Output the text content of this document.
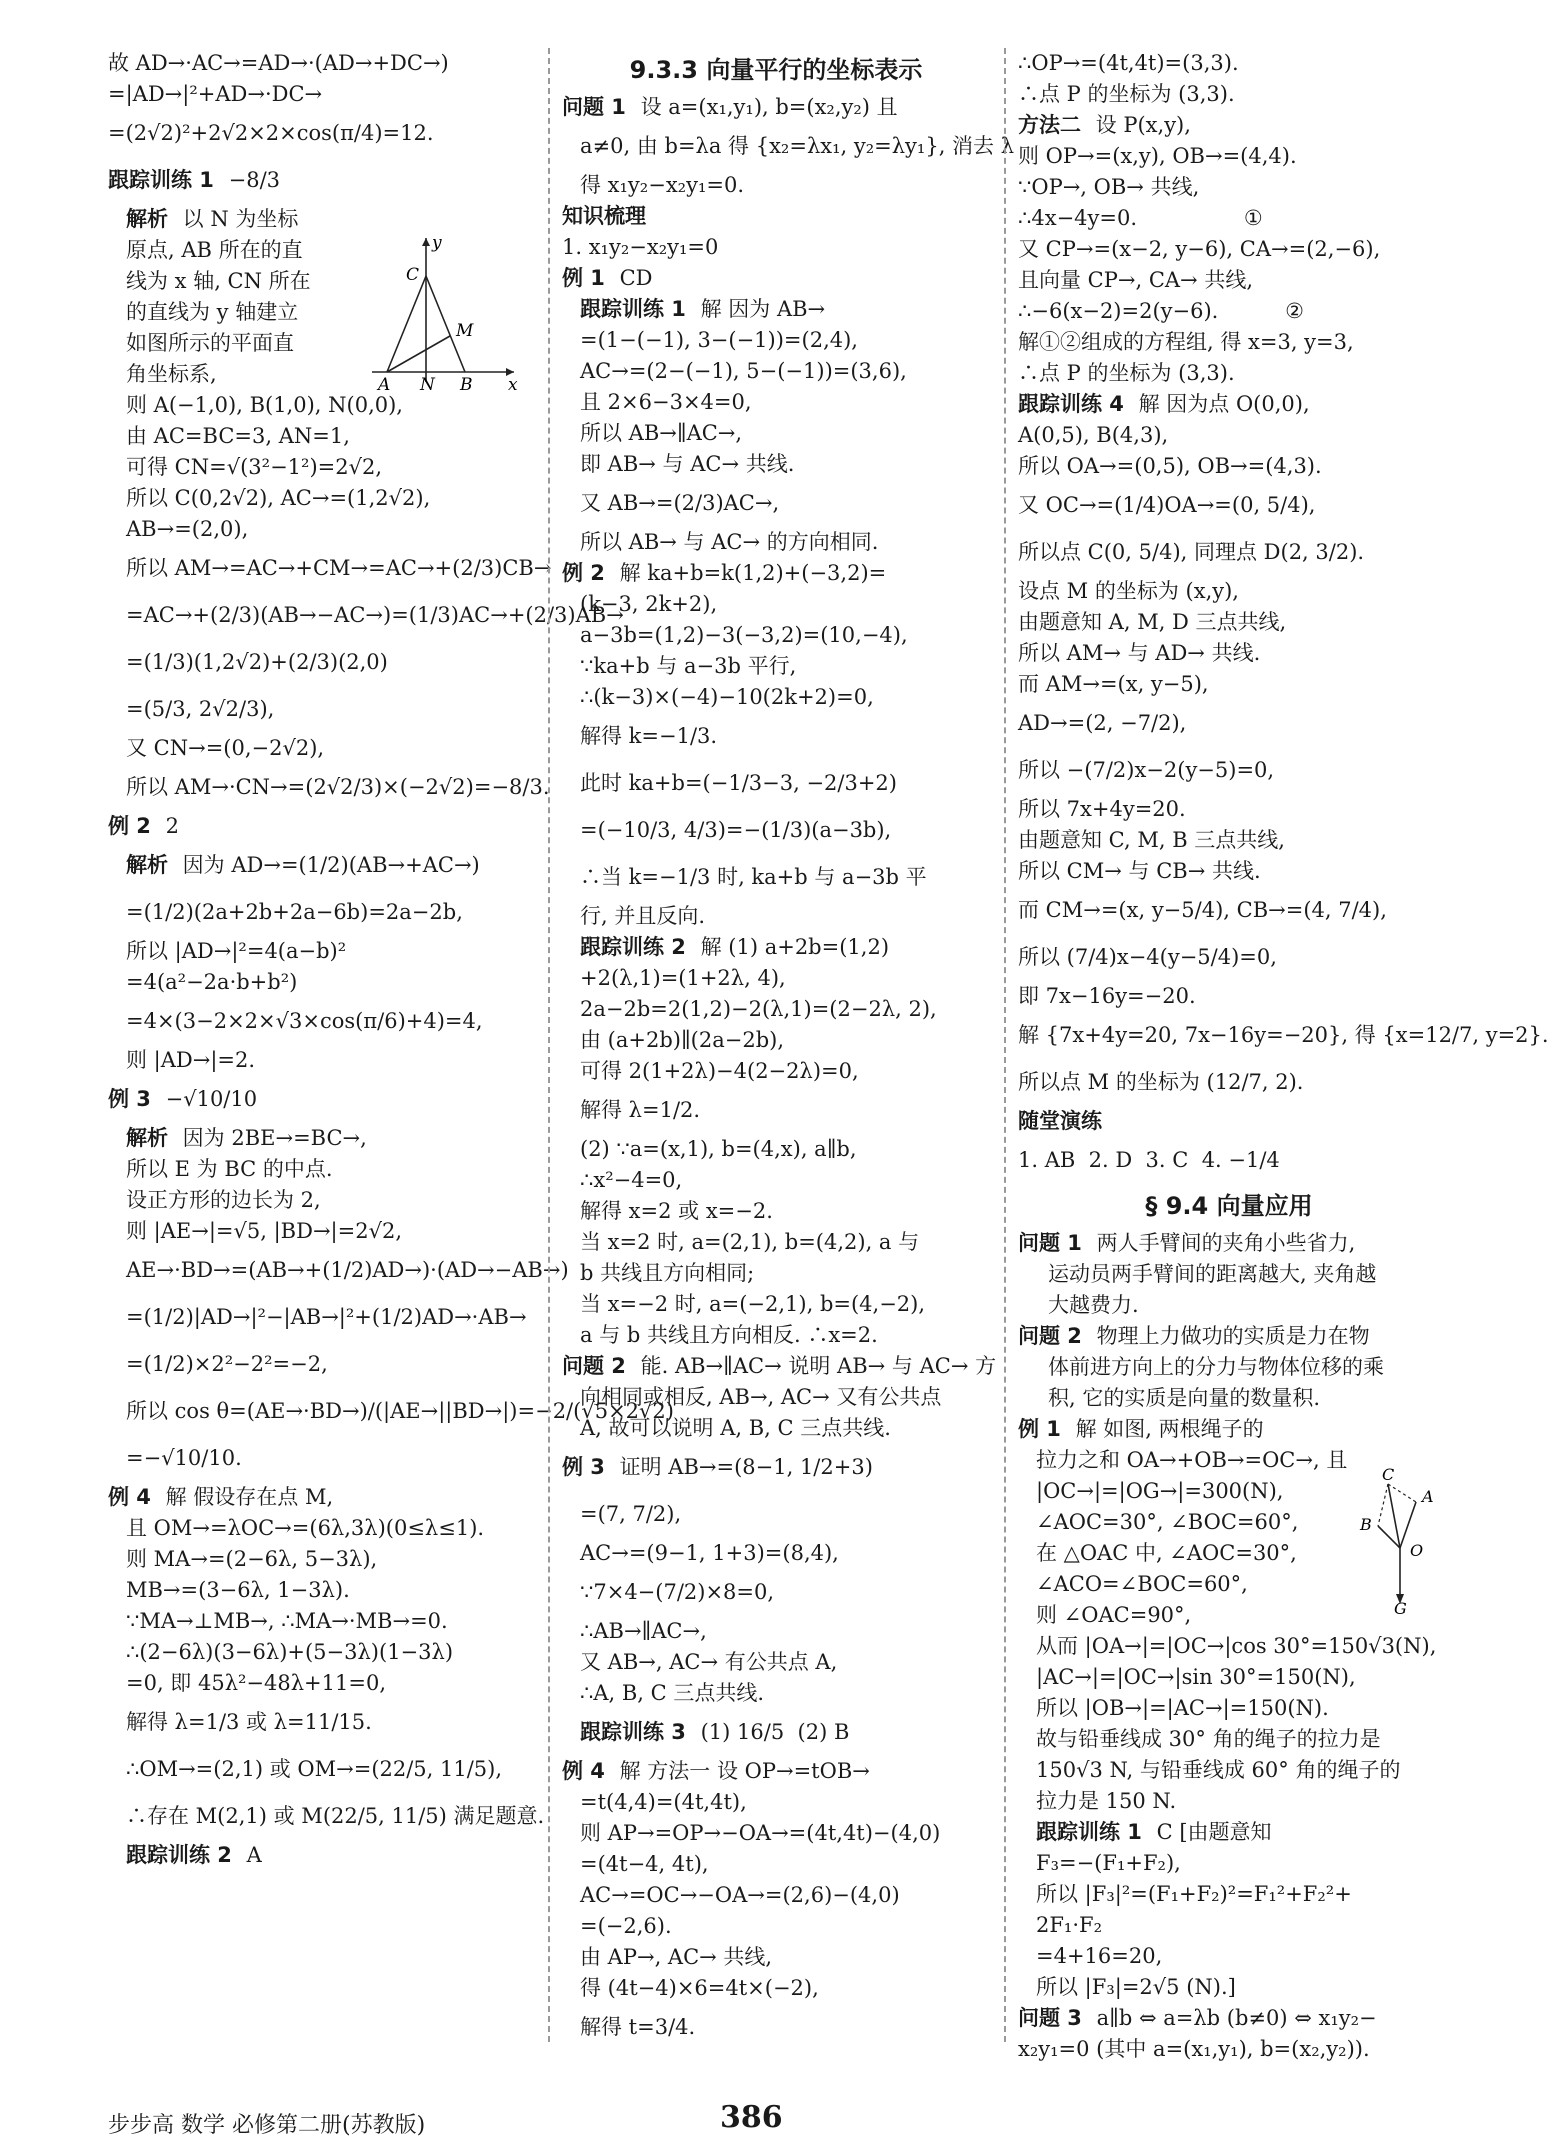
故 AD→·AC→=AD→·(AD→+DC→)
=|AD→|²+AD→·DC→
=(2√2)²+2√2×2×cos(π/4)=12.
跟踪训练 1 −8/3
解析 以 N 为坐标
原点, AB 所在的直
线为 x 轴, CN 所在
的直线为 y 轴建立
如图所示的平面直
角坐标系,
则 A(−1,0), B(1,0), N(0,0),
由 AC=BC=3, AN=1,
可得 CN=√(3²−1²)=2√2,
所以 C(0,2√2), AC→=(1,2√2),
AB→=(2,0),
所以 AM→=AC→+CM→=AC→+(2/3)CB→
=AC→+(2/3)(AB→−AC→)=(1/3)AC→+(2/3)AB→
=(1/3)(1,2√2)+(2/3)(2,0)
=(5/3, 2√2/3),
又 CN→=(0,−2√2),
所以 AM→·CN→=(2√2/3)×(−2√2)=−8/3.
例 2 2
解析 因为 AD→=(1/2)(AB→+AC→)
=(1/2)(2a+2b+2a−6b)=2a−2b,
所以 |AD→|²=4(a−b)²
=4(a²−2a·b+b²)
=4×(3−2×2×√3×cos(π/6)+4)=4,
则 |AD→|=2.
例 3 −√10/10
解析 因为 2BE→=BC→,
所以 E 为 BC 的中点.
设正方形的边长为 2,
则 |AE→|=√5, |BD→|=2√2,
AE→·BD→=(AB→+(1/2)AD→)·(AD→−AB→)
=(1/2)|AD→|²−|AB→|²+(1/2)AD→·AB→
=(1/2)×2²−2²=−2,
所以 cos θ=(AE→·BD→)/(|AE→||BD→|)=−2/(√5×2√2)
=−√10/10.
例 4 解 假设存在点 M,
且 OM→=λOC→=(6λ,3λ)(0≤λ≤1).
则 MA→=(2−6λ, 5−3λ),
MB→=(3−6λ, 1−3λ).
∵MA→⊥MB→, ∴MA→·MB→=0.
∴(2−6λ)(3−6λ)+(5−3λ)(1−3λ)
=0, 即 45λ²−48λ+11=0,
解得 λ=1/3 或 λ=11/15.
∴OM→=(2,1) 或 OM→=(22/5, 11/5),
∴存在 M(2,1) 或 M(22/5, 11/5) 满足题意.
跟踪训练 2 A
9.3.3 向量平行的坐标表示
问题 1 设 a=(x₁,y₁), b=(x₂,y₂) 且
a≠0, 由 b=λa 得 {x₂=λx₁, y₂=λy₁}, 消去 λ
得 x₁y₂−x₂y₁=0.
知识梳理
1. x₁y₂−x₂y₁=0
例 1 CD
跟踪训练 1 解 因为 AB→
=(1−(−1), 3−(−1))=(2,4),
AC→=(2−(−1), 5−(−1))=(3,6),
且 2×6−3×4=0,
所以 AB→∥AC→,
即 AB→ 与 AC→ 共线.
又 AB→=(2/3)AC→,
所以 AB→ 与 AC→ 的方向相同.
例 2 解 ka+b=k(1,2)+(−3,2)=
(k−3, 2k+2),
a−3b=(1,2)−3(−3,2)=(10,−4),
∵ka+b 与 a−3b 平行,
∴(k−3)×(−4)−10(2k+2)=0,
解得 k=−1/3.
此时 ka+b=(−1/3−3, −2/3+2)
=(−10/3, 4/3)=−(1/3)(a−3b),
∴当 k=−1/3 时, ka+b 与 a−3b 平
行, 并且反向.
跟踪训练 2 解 (1) a+2b=(1,2)
+2(λ,1)=(1+2λ, 4),
2a−2b=2(1,2)−2(λ,1)=(2−2λ, 2),
由 (a+2b)∥(2a−2b),
可得 2(1+2λ)−4(2−2λ)=0,
解得 λ=1/2.
(2) ∵a=(x,1), b=(4,x), a∥b,
∴x²−4=0,
解得 x=2 或 x=−2.
当 x=2 时, a=(2,1), b=(4,2), a 与
b 共线且方向相同;
当 x=−2 时, a=(−2,1), b=(4,−2),
a 与 b 共线且方向相反. ∴x=2.
问题 2 能. AB→∥AC→ 说明 AB→ 与 AC→ 方
向相同或相反, AB→, AC→ 又有公共点
A, 故可以说明 A, B, C 三点共线.
例 3 证明 AB→=(8−1, 1/2+3)
=(7, 7/2),
AC→=(9−1, 1+3)=(8,4),
∵7×4−(7/2)×8=0,
∴AB→∥AC→,
又 AB→, AC→ 有公共点 A,
∴A, B, C 三点共线.
跟踪训练 3 (1) 16/5  (2) B
例 4 解 方法一 设 OP→=tOB→
=t(4,4)=(4t,4t),
则 AP→=OP→−OA→=(4t,4t)−(4,0)
=(4t−4, 4t),
AC→=OC→−OA→=(2,6)−(4,0)
=(−2,6).
由 AP→, AC→ 共线,
得 (4t−4)×6=4t×(−2),
解得 t=3/4.
∴OP→=(4t,4t)=(3,3).
∴点 P 的坐标为 (3,3).
方法二 设 P(x,y),
则 OP→=(x,y), OB→=(4,4).
∵OP→, OB→ 共线,
∴4x−4y=0.                ①
又 CP→=(x−2, y−6), CA→=(2,−6),
且向量 CP→, CA→ 共线,
∴−6(x−2)=2(y−6).          ②
解①②组成的方程组, 得 x=3, y=3,
∴点 P 的坐标为 (3,3).
跟踪训练 4 解 因为点 O(0,0),
A(0,5), B(4,3),
所以 OA→=(0,5), OB→=(4,3).
又 OC→=(1/4)OA→=(0, 5/4),
所以点 C(0, 5/4), 同理点 D(2, 3/2).
设点 M 的坐标为 (x,y),
由题意知 A, M, D 三点共线,
所以 AM→ 与 AD→ 共线.
而 AM→=(x, y−5),
AD→=(2, −7/2),
所以 −(7/2)x−2(y−5)=0,
所以 7x+4y=20.
由题意知 C, M, B 三点共线,
所以 CM→ 与 CB→ 共线.
而 CM→=(x, y−5/4), CB→=(4, 7/4),
所以 (7/4)x−4(y−5/4)=0,
即 7x−16y=−20.
解 {7x+4y=20, 7x−16y=−20}, 得 {x=12/7, y=2}.
所以点 M 的坐标为 (12/7, 2).
随堂演练
1. AB  2. D  3. C  4. −1/4
§ 9.4 向量应用
问题 1 两人手臂间的夹角小些省力,
运动员两手臂间的距离越大, 夹角越
大越费力.
问题 2 物理上力做功的实质是力在物
体前进方向上的分力与物体位移的乘
积, 它的实质是向量的数量积.
例 1 解 如图, 两根绳子的
拉力之和 OA→+OB→=OC→, 且
|OC→|=|OG→|=300(N),
∠AOC=30°, ∠BOC=60°,
在 △OAC 中, ∠AOC=30°,
∠ACO=∠BOC=60°,
则 ∠OAC=90°,
从而 |OA→|=|OC→|cos 30°=150√3(N),
|AC→|=|OC→|sin 30°=150(N),
所以 |OB→|=|AC→|=150(N).
故与铅垂线成 30° 角的绳子的拉力是
150√3 N, 与铅垂线成 60° 角的绳子的
拉力是 150 N.
跟踪训练 1 C [由题意知
F₃=−(F₁+F₂),
所以 |F₃|²=(F₁+F₂)²=F₁²+F₂²+
2F₁·F₂
=4+16=20,
所以 |F₃|=2√5 (N).]
问题 3 a∥b ⇔ a=λb (b≠0) ⇔ x₁y₂−
x₂y₁=0 (其中 a=(x₁,y₁), b=(x₂,y₂)).
y
C
M
A N B x
C
A
B
O
G
步步高 数学 必修第二册(苏教版)	386
